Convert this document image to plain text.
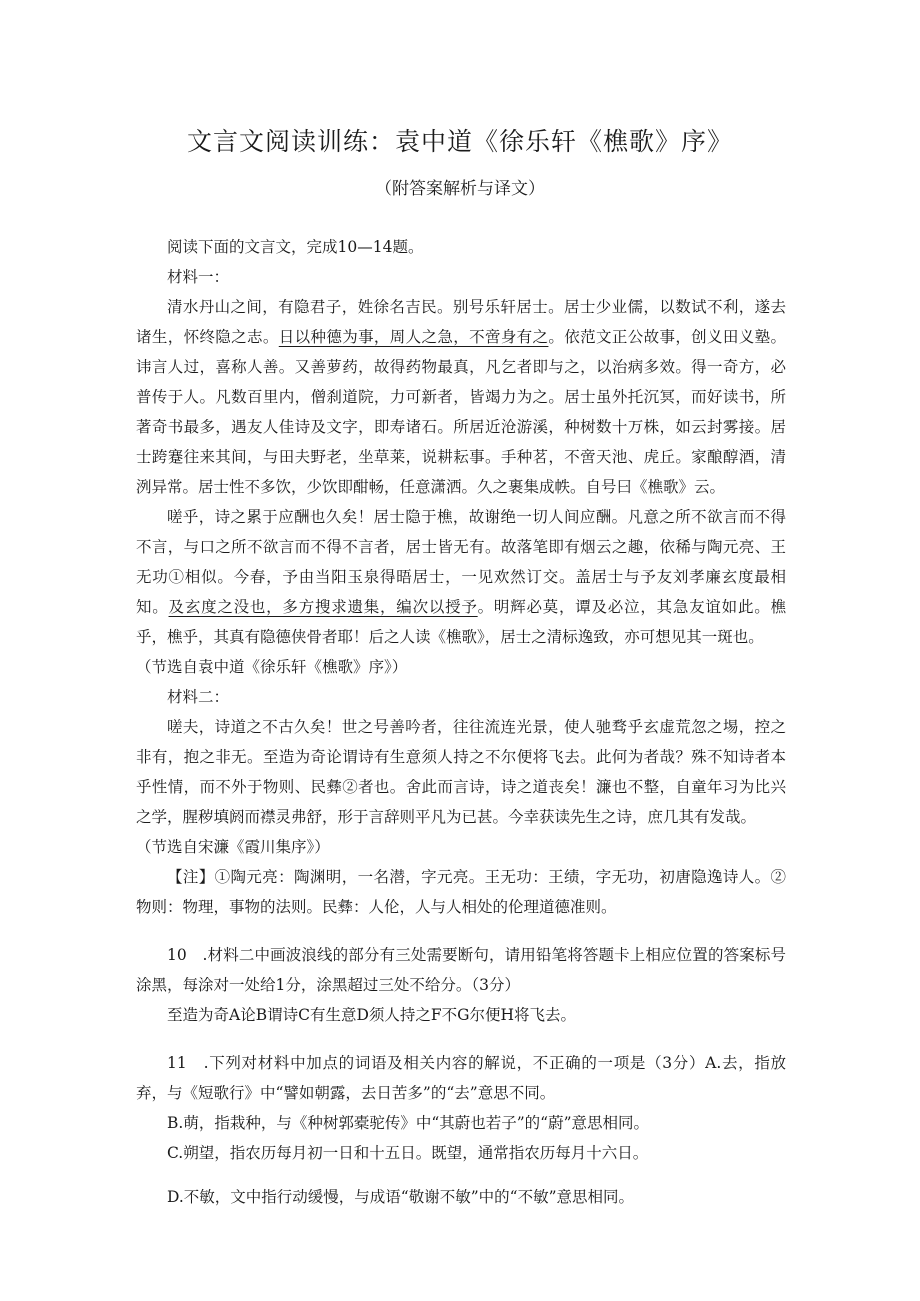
文言文阅读训练：袁中道《徐乐轩《樵歌》序》
（附答案解析与译文）

阅读下面的文言文，完成10—14题。

材料一：

清水丹山之间，有隐君子，姓徐名吉民。别号乐轩居士。居士少业儒，以数试不利，遂去诸生，怀终隐之志。日以种德为事，周人之急，不啻身有之。依范文正公故事，创义田义塾。讳言人过，喜称人善。又善萝药，故得药物最真，凡乞者即与之，以治病多效。得一奇方，必普传于人。凡数百里内，僧刹道院，力可新者，皆竭力为之。居士虽外托沉冥，而好读书，所著奇书最多，遇友人佳诗及文字，即寿诸石。所居近沧游溪，种树数十万株，如云封雾接。居士跨蹇往来其间，与田夫野老，坐草莱，说耕耘事。手种茗，不啻天池、虎丘。家酿醇酒，清洌异常。居士性不多饮，少饮即酣畅，任意潇洒。久之裹集成帙。自号曰《樵歌》云。

嗟乎，诗之累于应酬也久矣！居士隐于樵，故谢绝一切人间应酬。凡意之所不欲言而不得不言，与口之所不欲言而不得不言者，居士皆无有。故落笔即有烟云之趣，依稀与陶元亮、王无功①相似。今春，予由当阳玉泉得晤居士，一见欢然订交。盖居士与予友刘孝廉玄度最相知。及玄度之没也，多方搜求遗集，编次以授予。明辉必莫，谭及必泣，其急友谊如此。樵乎，樵乎，其真有隐德侠骨者耶！后之人读《樵歌》，居士之清标逸致，亦可想见其一斑也。

（节选自袁中道《徐乐轩《樵歌》序》）

材料二：

嗟夫，诗道之不古久矣！世之号善吟者，往往流连光景，使人驰骛乎玄虚荒忽之埸，控之非有，抱之非无。至造为奇论谓诗有生意须人持之不尔便将飞去。此何为者哉？殊不知诗者本乎性情，而不外于物则、民彝②者也。舍此而言诗，诗之道丧矣！濂也不整，自童年习为比兴之学，腥秽填阏而襟灵弗舒，形于言辞则平凡为已甚。今幸获读先生之诗，庶几其有发哉。

（节选自宋濂《霞川集序》）

【注】①陶元亮：陶渊明，一名潜，字元亮。王无功：王绩，字无功，初唐隐逸诗人。②物则：物理，事物的法则。民彝：人伦，人与人相处的伦理道德准则。

10　.材料二中画波浪线的部分有三处需要断句，请用铅笔将答题卡上相应位置的答案标号涂黑，每涂对一处给1分，涂黑超过三处不给分。（3分）

至造为奇A论B谓诗C有生意D须人持之F不G尔便H将飞去。

11　.下列对材料中加点的词语及相关内容的解说，不正确的一项是（3分）A.去，指放弃，与《短歌行》中“譬如朝露，去日苦多”的“去”意思不同。

B.萌，指栽种，与《种树郭橐驼传》中“其蔚也若子”的“蔚”意思相同。

C.朔望，指农历每月初一日和十五日。既望，通常指农历每月十六日。

D.不敏，文中指行动缓慢，与成语“敬谢不敏”中的“不敏”意思相同。
